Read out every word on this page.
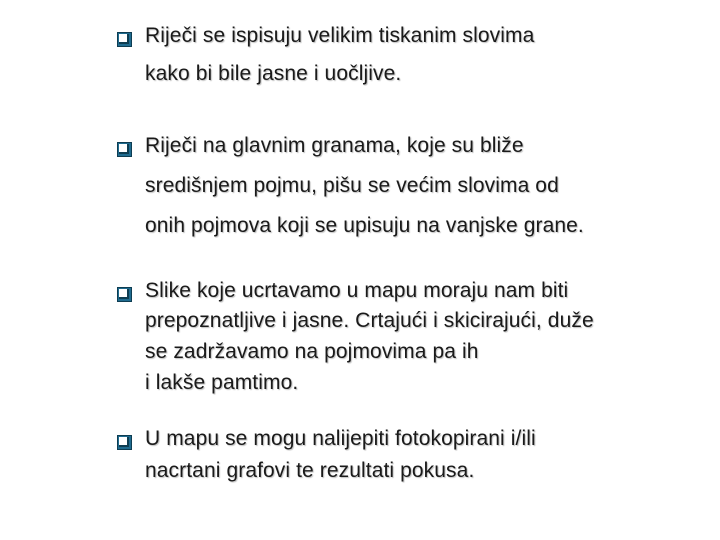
Riječi se ispisuju velikim tiskanim slovima
kako bi bile jasne i uočljive.
Riječi na glavnim granama, koje su bliže
središnjem pojmu, pišu se većim slovima od
onih pojmova koji se upisuju na vanjske grane.
Slike koje ucrtavamo u mapu moraju nam biti
prepoznatljive i jasne. Crtajući i skicirajući, duže
se zadržavamo na pojmovima pa ih
i lakše pamtimo.
U mapu se mogu nalijepiti fotokopirani i/ili
nacrtani grafovi te rezultati pokusa.
